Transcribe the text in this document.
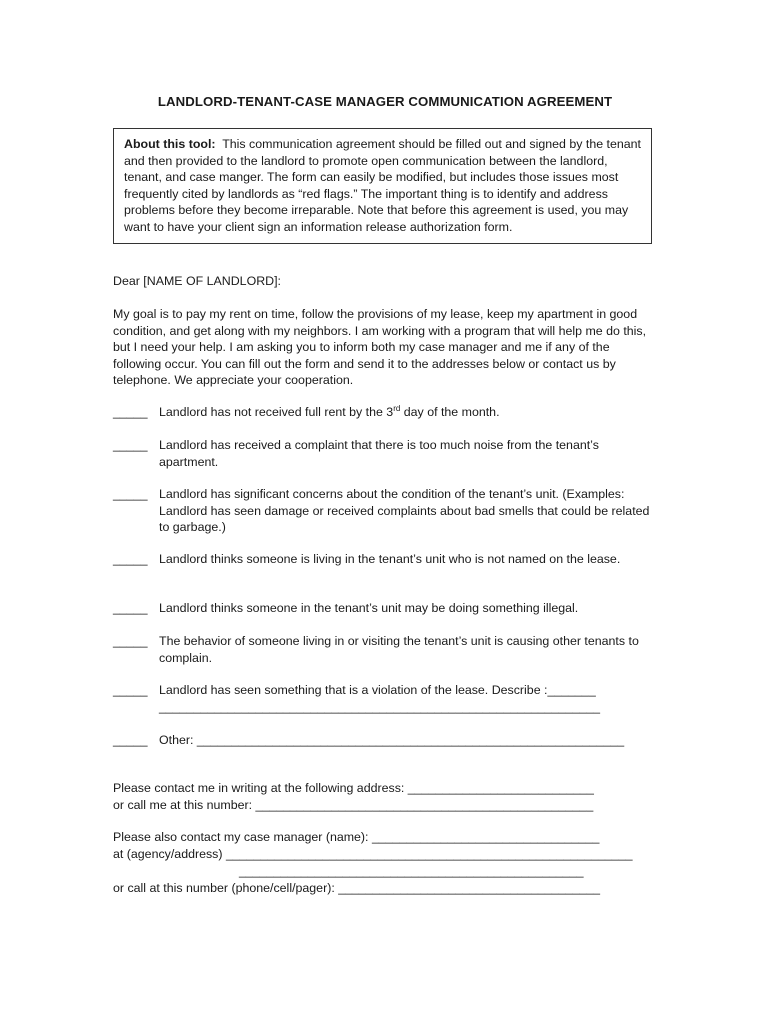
LANDLORD-TENANT-CASE MANAGER COMMUNICATION AGREEMENT
About this tool: This communication agreement should be filled out and signed by the tenant and then provided to the landlord to promote open communication between the landlord, tenant, and case manger. The form can easily be modified, but includes those issues most frequently cited by landlords as “red flags.” The important thing is to identify and address problems before they become irreparable. Note that before this agreement is used, you may want to have your client sign an information release authorization form.
Dear [NAME OF LANDLORD]:
My goal is to pay my rent on time, follow the provisions of my lease, keep my apartment in good condition, and get along with my neighbors. I am working with a program that will help me do this, but I need your help. I am asking you to inform both my case manager and me if any of the following occur. You can fill out the form and send it to the addresses below or contact us by telephone. We appreciate your cooperation.
_____ Landlord has not received full rent by the 3rd day of the month.
_____ Landlord has received a complaint that there is too much noise from the tenant’s apartment.
_____ Landlord has significant concerns about the condition of the tenant’s unit. (Examples: Landlord has seen damage or received complaints about bad smells that could be related to garbage.)
_____ Landlord thinks someone is living in the tenant’s unit who is not named on the lease.
_____ Landlord thinks someone in the tenant’s unit may be doing something illegal.
_____ The behavior of someone living in or visiting the tenant’s unit is causing other tenants to complain.
_____ Landlord has seen something that is a violation of the lease. Describe :_______
________________________________________________________________
_____ Other: ______________________________________________________________
Please contact me in writing at the following address: ___________________________
or call me at this number: _________________________________________________
Please also contact my case manager (name): _________________________________
at (agency/address) ___________________________________________________________
__________________________________________________
or call at this number (phone/cell/pager): ______________________________________
